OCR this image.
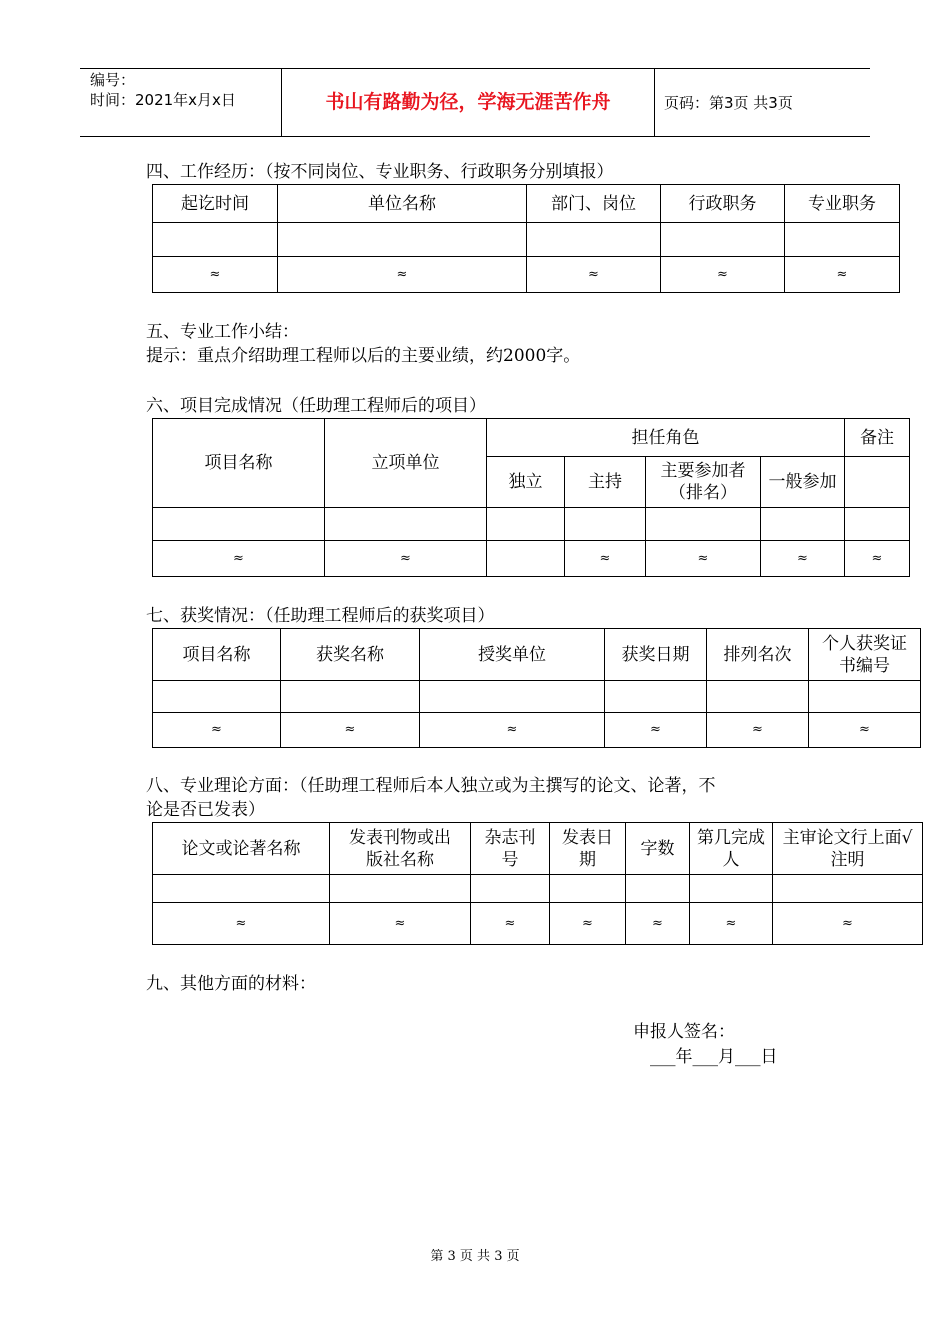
编号：
时间：2021年x月x日	书山有路勤为径，学海无涯苦作舟	页码：第3页 共3页
四、工作经历：（按不同岗位、专业职务、行政职务分别填报）
起讫时间	单位名称	部门、岗位	行政职务	专业职务

≈	≈	≈	≈	≈
五、专业工作小结：
提示：重点介绍助理工程师以后的主要业绩，约2000字。
六、项目完成情况（任助理工程师后的项目）
项目名称	立项单位	担任角色				备注
		独立	主持	主要参加者（排名）	一般参加	

≈	≈		≈	≈	≈	≈
七、获奖情况：（任助理工程师后的获奖项目）
项目名称	获奖名称	授奖单位	获奖日期	排列名次	个人获奖证书编号

≈	≈	≈	≈	≈	≈
八、专业理论方面：（任助理工程师后本人独立或为主撰写的论文、论著，不
论是否已发表）
论文或论著名称	发表刊物或出版社名称	杂志刊号	发表日期	字数	第几完成人	主审论文行上面√注明

≈	≈	≈	≈	≈	≈	≈
九、其他方面的材料：
申报人签名：
___年___月___日
第 3 页 共 3 页
